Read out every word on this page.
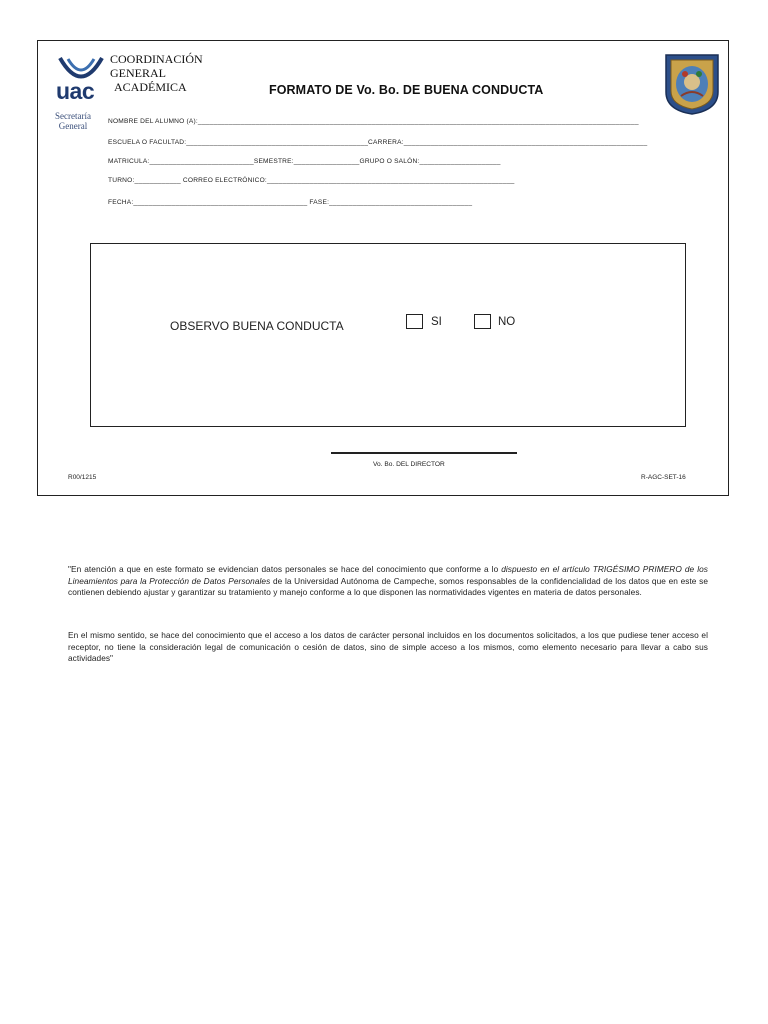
uac
Secretaría
General
COORDINACIÓN
GENERAL
ACADÉMICA	FORMATO DE Vo. Bo. DE BUENA CONDUCTA
NOMBRE DEL ALUMNO (A):__________________________________________________________________________________________________________________
ESCUELA O FACULTAD:_______________________________________________CARRERA:_______________________________________________________________
MATRICULA:___________________________SEMESTRE:_________________GRUPO O SALÓN:_____________________
TURNO:____________ CORREO ELECTRÓNICO:________________________________________________________________
FECHA:_____________________________________________ FASE:_____________________________________
OBSERVO BUENA CONDUCTA	SI	NO
Vo. Bo. DEL DIRECTOR
R00/1215	R-AGC-SET-16
"En atención a que en este formato se evidencian datos personales se hace del conocimiento que conforme a lo dispuesto en el artículo TRIGÉSIMO PRIMERO de los Lineamientos para la Protección de Datos Personales de la Universidad Autónoma de Campeche, somos responsables de la confidencialidad de los datos que en este se contienen debiendo ajustar y garantizar su tratamiento y manejo conforme a lo que disponen las normatividades vigentes en materia de datos personales.
En el mismo sentido, se hace del conocimiento que el acceso a los datos de carácter personal incluidos en los documentos solicitados, a los que pudiese tener acceso el receptor, no tiene la consideración legal de comunicación o cesión de datos, sino de simple acceso a los mismos, como elemento necesario para llevar a cabo sus actividades"
